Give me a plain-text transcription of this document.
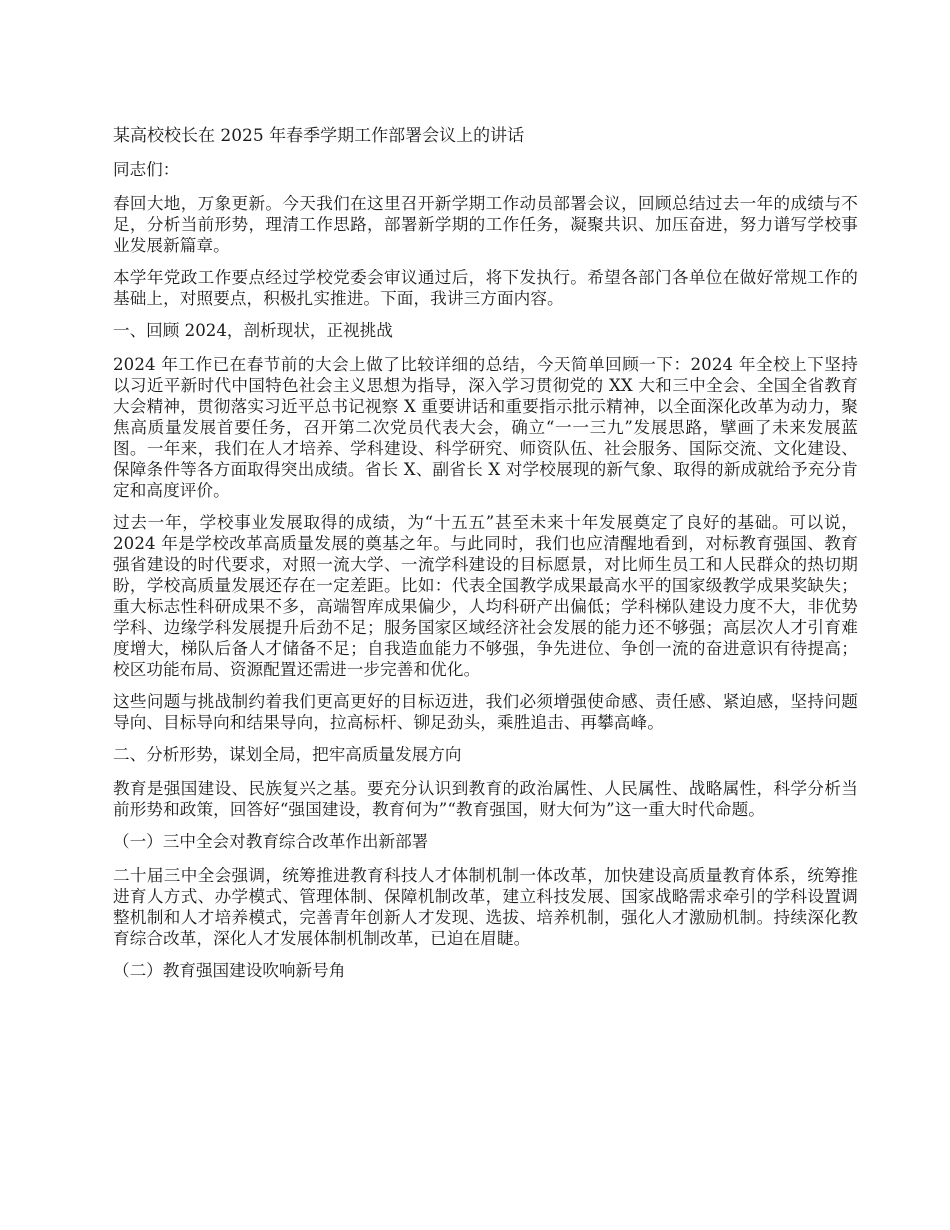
某高校校长在 2025 年春季学期工作部署会议上的讲话
同志们：
春回大地，万象更新。今天我们在这里召开新学期工作动员部署会议，回顾总结过去一年的成绩与不足，分析当前形势，理清工作思路，部署新学期的工作任务，凝聚共识、加压奋进，努力谱写学校事业发展新篇章。
本学年党政工作要点经过学校党委会审议通过后，将下发执行。希望各部门各单位在做好常规工作的基础上，对照要点，积极扎实推进。下面，我讲三方面内容。
一、回顾 2024，剖析现状，正视挑战
2024 年工作已在春节前的大会上做了比较详细的总结，今天简单回顾一下：2024 年全校上下坚持以习近平新时代中国特色社会主义思想为指导，深入学习贯彻党的 XX 大和三中全会、全国全省教育大会精神，贯彻落实习近平总书记视察 X 重要讲话和重要指示批示精神，以全面深化改革为动力，聚焦高质量发展首要任务，召开第二次党员代表大会，确立“一一三九”发展思路，擘画了未来发展蓝图。一年来，我们在人才培养、学科建设、科学研究、师资队伍、社会服务、国际交流、文化建设、保障条件等各方面取得突出成绩。省长 X、副省长 X 对学校展现的新气象、取得的新成就给予充分肯定和高度评价。
过去一年，学校事业发展取得的成绩，为“十五五”甚至未来十年发展奠定了良好的基础。可以说，2024 年是学校改革高质量发展的奠基之年。与此同时，我们也应清醒地看到，对标教育强国、教育强省建设的时代要求，对照一流大学、一流学科建设的目标愿景，对比师生员工和人民群众的热切期盼，学校高质量发展还存在一定差距。比如：代表全国教学成果最高水平的国家级教学成果奖缺失；重大标志性科研成果不多，高端智库成果偏少，人均科研产出偏低；学科梯队建设力度不大，非优势学科、边缘学科发展提升后劲不足；服务国家区域经济社会发展的能力还不够强；高层次人才引育难度增大，梯队后备人才储备不足；自我造血能力不够强，争先进位、争创一流的奋进意识有待提高；校区功能布局、资源配置还需进一步完善和优化。
这些问题与挑战制约着我们更高更好的目标迈进，我们必须增强使命感、责任感、紧迫感，坚持问题导向、目标导向和结果导向，拉高标杆、铆足劲头，乘胜追击、再攀高峰。
二、分析形势，谋划全局，把牢高质量发展方向
教育是强国建设、民族复兴之基。要充分认识到教育的政治属性、人民属性、战略属性，科学分析当前形势和政策，回答好“强国建设，教育何为”“教育强国，财大何为”这一重大时代命题。
（一）三中全会对教育综合改革作出新部署
二十届三中全会强调，统筹推进教育科技人才体制机制一体改革，加快建设高质量教育体系，统筹推进育人方式、办学模式、管理体制、保障机制改革，建立科技发展、国家战略需求牵引的学科设置调整机制和人才培养模式，完善青年创新人才发现、选拔、培养机制，强化人才激励机制。持续深化教育综合改革，深化人才发展体制机制改革，已迫在眉睫。
（二）教育强国建设吹响新号角
